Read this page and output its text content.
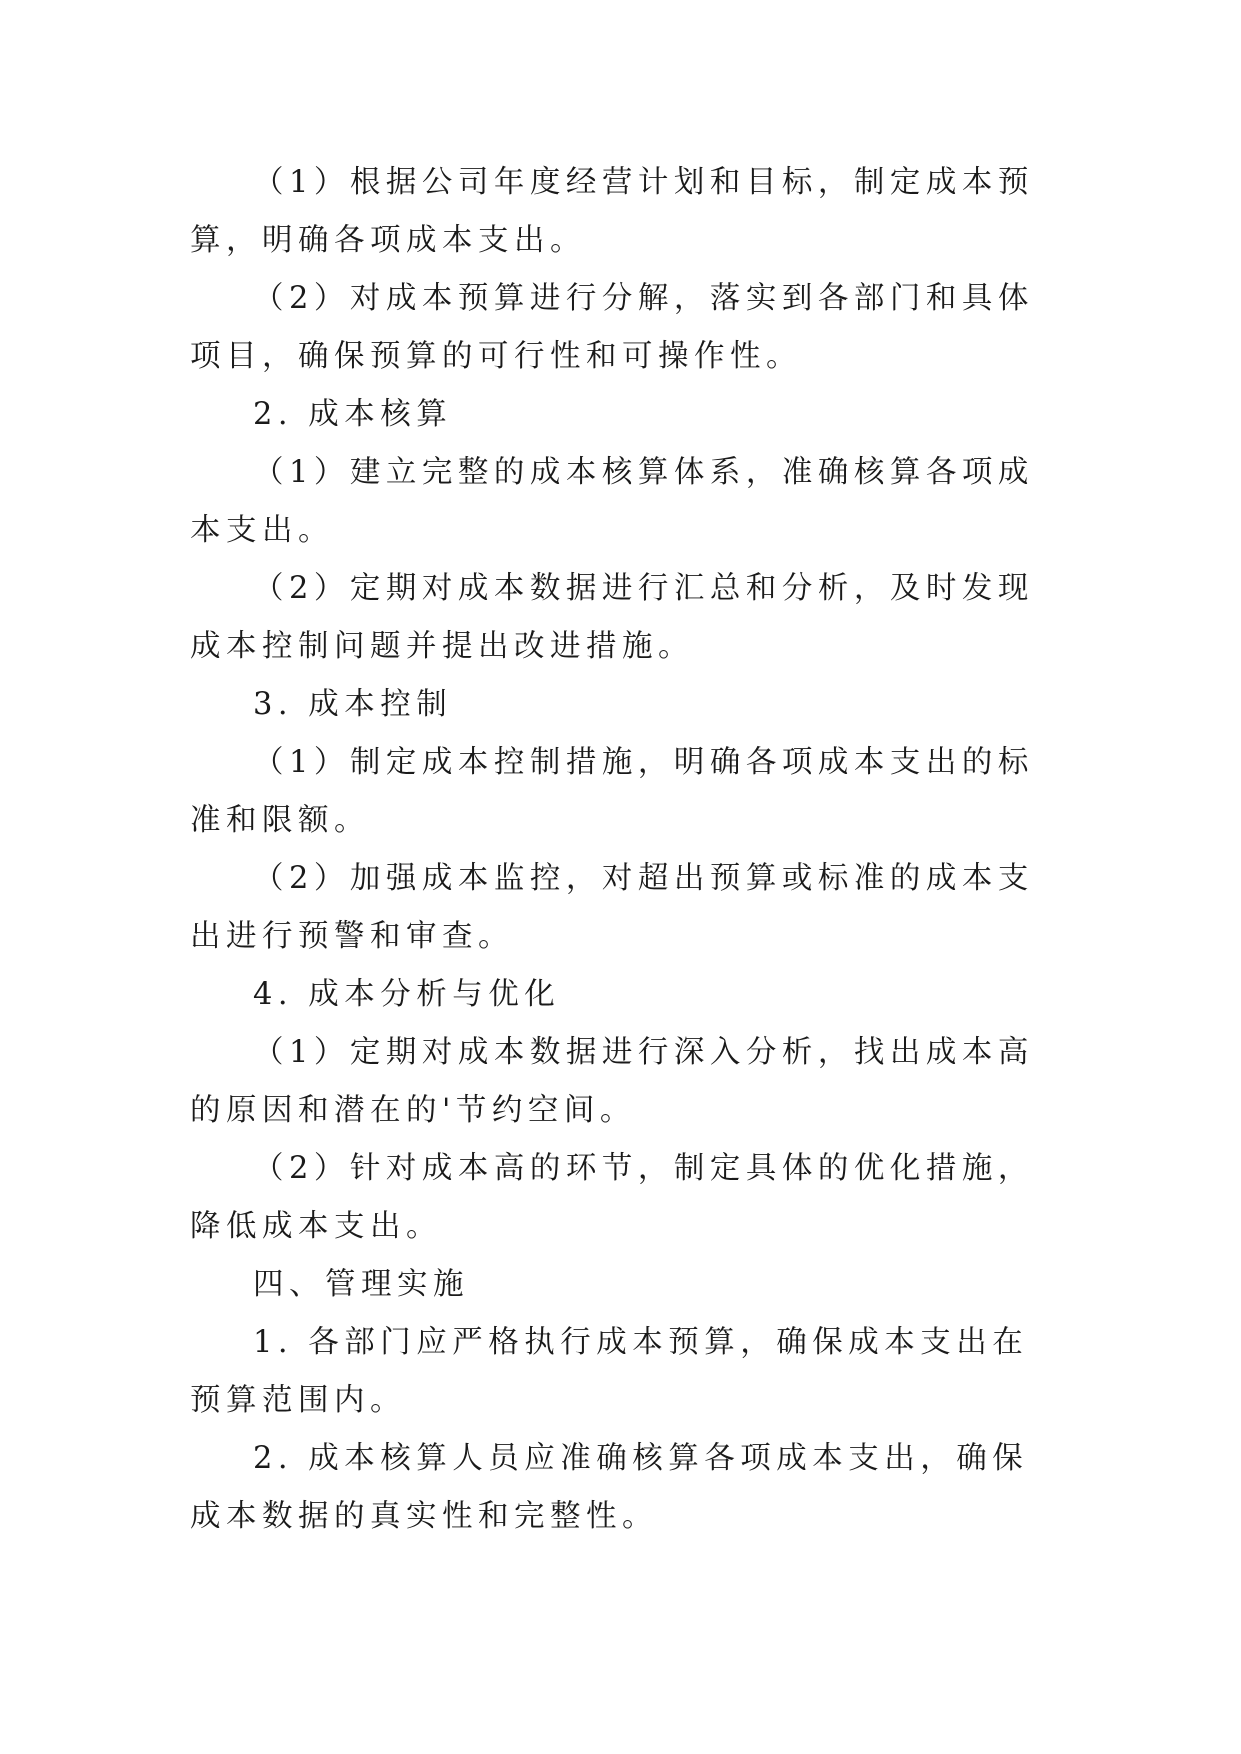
（1）根据公司年度经营计划和目标，制定成本预算，明确各项成本支出。

（2）对成本预算进行分解，落实到各部门和具体项目，确保预算的可行性和可操作性。

2. 成本核算

（1）建立完整的成本核算体系，准确核算各项成本支出。

（2）定期对成本数据进行汇总和分析，及时发现成本控制问题并提出改进措施。

3. 成本控制

（1）制定成本控制措施，明确各项成本支出的标准和限额。

（2）加强成本监控，对超出预算或标准的成本支出进行预警和审查。

4. 成本分析与优化

（1）定期对成本数据进行深入分析，找出成本高的原因和潜在的'节约空间。

（2）针对成本高的环节，制定具体的优化措施，降低成本支出。

四、管理实施

1. 各部门应严格执行成本预算，确保成本支出在预算范围内。

2. 成本核算人员应准确核算各项成本支出，确保成本数据的真实性和完整性。
